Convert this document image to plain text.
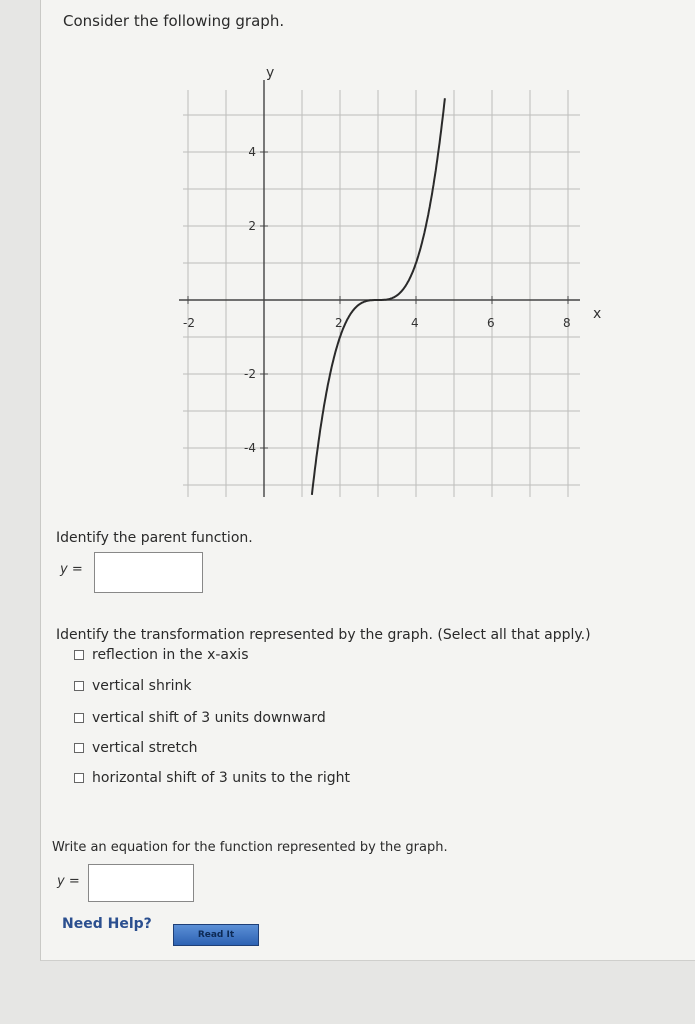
Consider the following graph.
-2	2	4	6	8
4
2
-2
-4
x
y
Identify the parent function.
y =
Identify the transformation represented by the graph. (Select all that apply.)
reflection in the x-axis
vertical shrink
vertical shift of 3 units downward
vertical stretch
horizontal shift of 3 units to the right
Write an equation for the function represented by the graph.
y =
Need Help?
Read It
